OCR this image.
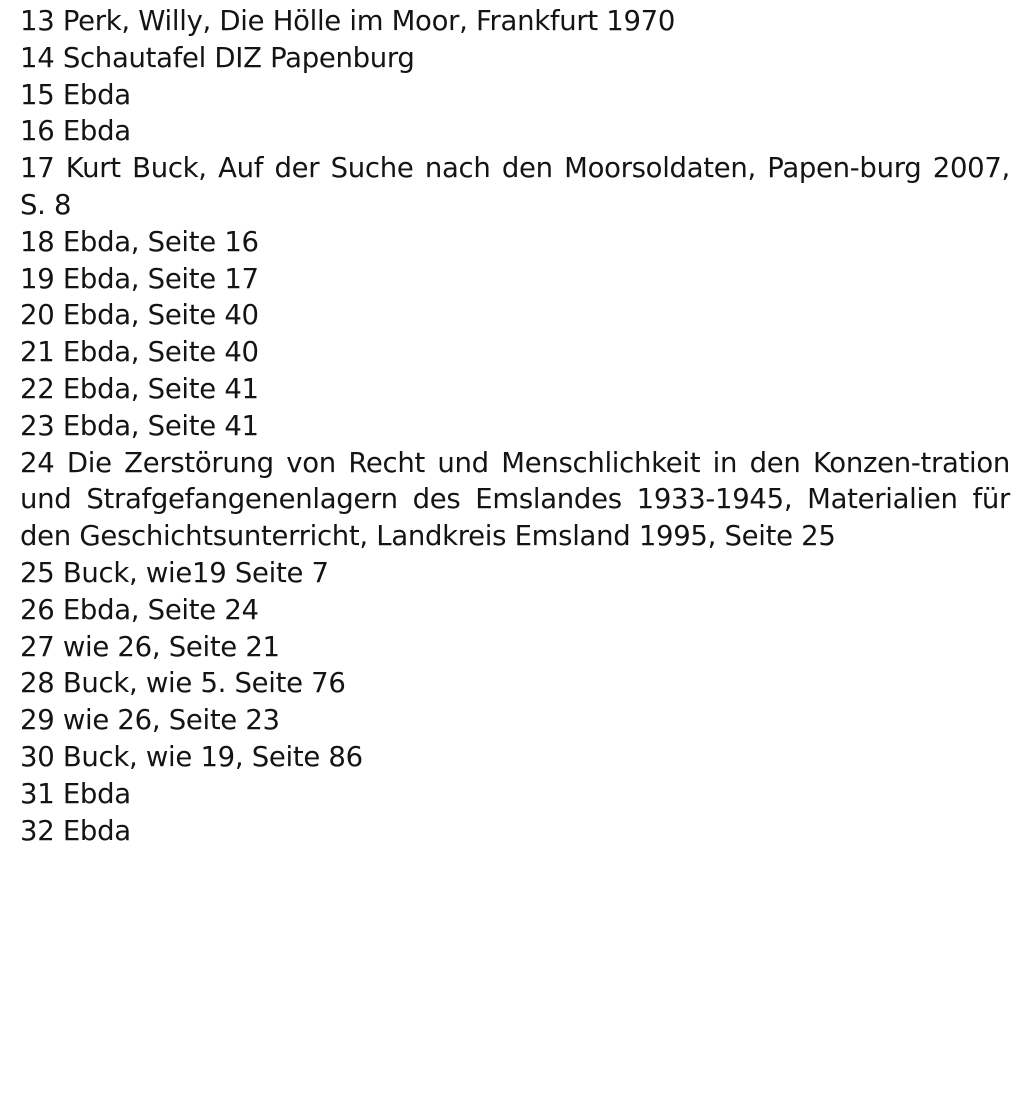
13 Perk, Willy, Die Hölle im Moor, Frankfurt 1970
14 Schautafel DIZ Papenburg
15 Ebda
16 Ebda
17 Kurt Buck, Auf der Suche nach den Moorsoldaten, Papen-burg 2007, S. 8
18 Ebda, Seite 16
19 Ebda, Seite 17
20 Ebda, Seite 40
21 Ebda, Seite 40
22 Ebda, Seite 41
23 Ebda, Seite 41
24 Die Zerstörung von Recht und Menschlichkeit in den Konzen-tration und Strafgefangenenlagern des Emslandes 1933-1945, Materialien für den Geschichtsunterricht, Landkreis Emsland 1995, Seite 25
25 Buck, wie19 Seite 7
26 Ebda, Seite 24
27 wie 26, Seite 21
28 Buck, wie 5. Seite 76
29 wie 26, Seite 23
30 Buck, wie 19, Seite 86
31 Ebda
32 Ebda
